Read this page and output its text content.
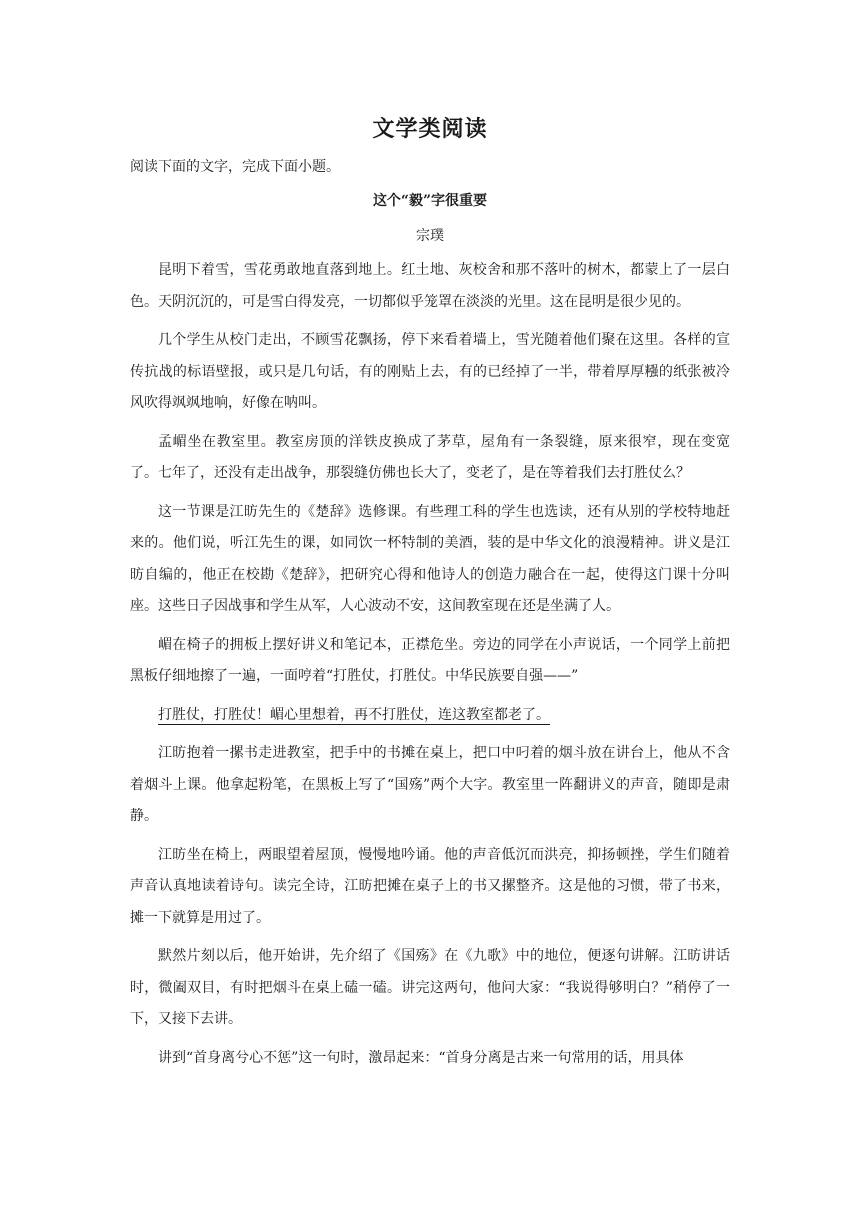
文学类阅读
阅读下面的文字，完成下面小题。
这个“毅”字很重要
宗璞

昆明下着雪，雪花勇敢地直落到地上。红土地、灰校舍和那不落叶的树木，都蒙上了一层白色。天阴沉沉的，可是雪白得发亮，一切都似乎笼罩在淡淡的光里。这在昆明是很少见的。

几个学生从校门走出，不顾雪花飘扬，停下来看着墙上，雪光随着他们聚在这里。各样的宣传抗战的标语壁报，或只是几句话，有的刚贴上去，有的已经掉了一半，带着厚厚糨的纸张被冷风吹得飒飒地响，好像在呐叫。

孟嵋坐在教室里。教室房顶的洋铁皮换成了茅草，屋角有一条裂缝，原来很窄，现在变宽了。七年了，还没有走出战争，那裂缝仿佛也长大了，变老了，是在等着我们去打胜仗么？

这一节课是江昉先生的《楚辞》选修课。有些理工科的学生也选读，还有从别的学校特地赶来的。他们说，听江先生的课，如同饮一杯特制的美酒，装的是中华文化的浪漫精神。讲义是江昉自编的，他正在校勘《楚辞》，把研究心得和他诗人的创造力融合在一起，使得这门课十分叫座。这些日子因战事和学生从军，人心波动不安，这间教室现在还是坐满了人。

嵋在椅子的拥板上摆好讲义和笔记本，正襟危坐。旁边的同学在小声说话，一个同学上前把黑板仔细地擦了一遍，一面哼着“打胜仗，打胜仗。中华民族要自强——”

打胜仗，打胜仗！嵋心里想着，再不打胜仗，连这教室都老了。

江昉抱着一摞书走进教室，把手中的书摊在桌上，把口中叼着的烟斗放在讲台上，他从不含着烟斗上课。他拿起粉笔，在黑板上写了“国殇”两个大字。教室里一阵翻讲义的声音，随即是肃静。

江昉坐在椅上，两眼望着屋顶，慢慢地吟诵。他的声音低沉而洪亮，抑扬顿挫，学生们随着声音认真地读着诗句。读完全诗，江昉把摊在桌子上的书又摞整齐。这是他的习惯，带了书来，摊一下就算是用过了。

默然片刻以后，他开始讲，先介绍了《国殇》在《九歌》中的地位，便逐句讲解。江昉讲话时，微阖双目，有时把烟斗在桌上磕一磕。讲完这两句，他问大家：“我说得够明白？”稍停了一下，又接下去讲。

讲到“首身离兮心不惩”这一句时，激昂起来：“首身分离是古来一句常用的话，用具体
